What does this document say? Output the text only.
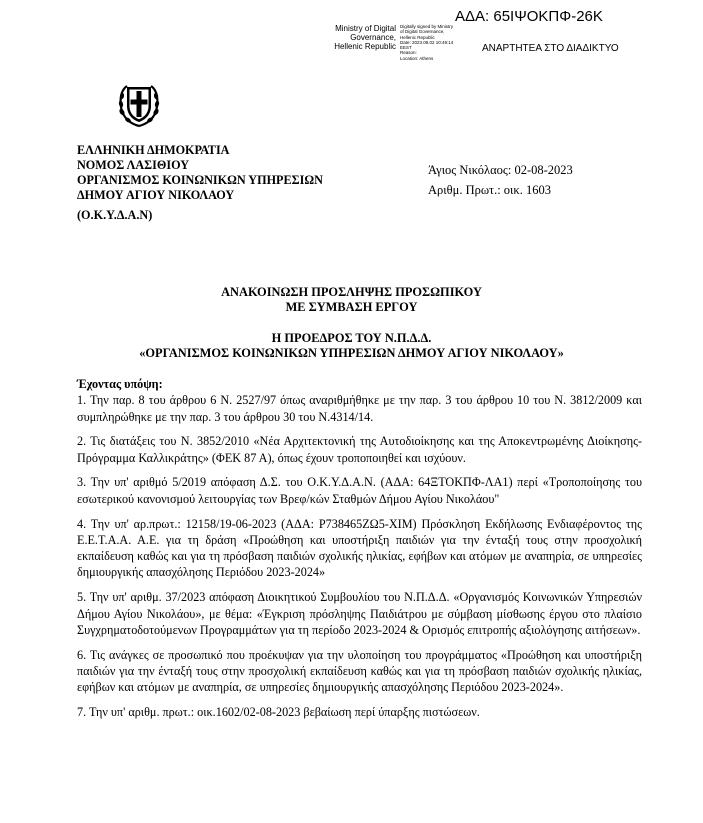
ΑΔΑ: 65ΙΨΟΚΠΦ-26Κ
Ministry of Digital
Governance,
Hellenic Republic
Digitally signed by Ministry
of Digital Governance,
Hellenic Republic
Date: 2023.08.02 10:49:14
EEST
Reason:
Location: Athens
ΑΝΑΡΤΗΤΕΑ ΣΤΟ ΔΙΑΔΙΚΤΥΟ
ΕΛΛΗΝΙΚΗ ΔΗΜΟΚΡΑΤΙΑ
ΝΟΜΟΣ ΛΑΣΙΘΙΟΥ
ΟΡΓΑΝΙΣΜΟΣ ΚΟΙΝΩΝΙΚΩΝ ΥΠΗΡΕΣΙΩΝ
ΔΗΜΟΥ ΑΓΙΟΥ ΝΙΚΟΛΑΟΥ
(Ο.Κ.Υ.Δ.Α.Ν)
Άγιος Νικόλαος: 02-08-2023
Αριθμ. Πρωτ.: οικ. 1603
ΑΝΑΚΟΙΝΩΣΗ ΠΡΟΣΛΗΨΗΣ ΠΡΟΣΩΠΙΚΟΥ
ΜΕ ΣΥΜΒΑΣΗ ΕΡΓΟΥ
Η ΠΡΟΕΔΡΟΣ ΤΟΥ Ν.Π.Δ.Δ.
«ΟΡΓΑΝΙΣΜΟΣ ΚΟΙΝΩΝΙΚΩΝ ΥΠΗΡΕΣΙΩΝ ΔΗΜΟΥ ΑΓΙΟΥ ΝΙΚΟΛΑΟΥ»
Έχοντας υπόψη:

1. Την παρ. 8 του άρθρου 6 Ν. 2527/97 όπως αναριθμήθηκε με την παρ. 3 του άρθρου 10 του Ν. 3812/2009 και συμπληρώθηκε με την παρ. 3 του άρθρου 30 του Ν.4314/14.

2. Τις διατάξεις του Ν. 3852/2010 «Νέα Αρχιτεκτονική της Αυτοδιοίκησης και της Αποκεντρωμένης Διοίκησης- Πρόγραμμα Καλλικράτης» (ΦΕΚ 87 Α), όπως έχουν τροποποιηθεί και ισχύουν.

3. Την υπ' αριθμό 5/2019 απόφαση Δ.Σ. του Ο.Κ.Υ.Δ.Α.Ν. (ΑΔΑ: 64ΞΤΟΚΠΦ-ΛΑ1) περί «Τροποποίησης του εσωτερικού κανονισμού λειτουργίας των Βρεφ/κών Σταθμών Δήμου Αγίου Νικολάου"

4. Την υπ' αρ.πρωτ.: 12158/19-06-2023 (ΑΔΑ: Ρ738465ΖΩ5-ΧΙΜ) Πρόσκληση Εκδήλωσης Ενδιαφέροντος της Ε.Ε.Τ.Α.Α. Α.Ε. για τη δράση «Προώθηση και υποστήριξη παιδιών για την ένταξή τους στην προσχολική εκπαίδευση καθώς και για τη πρόσβαση παιδιών σχολικής ηλικίας, εφήβων και ατόμων με αναπηρία, σε υπηρεσίες δημιουργικής απασχόλησης Περιόδου 2023-2024»

5. Την υπ' αριθμ. 37/2023 απόφαση Διοικητικού Συμβουλίου του Ν.Π.Δ.Δ. «Οργανισμός Κοινωνικών Υπηρεσιών Δήμου Αγίου Νικολάου», με θέμα: «Έγκριση πρόσληψης Παιδιάτρου με σύμβαση μίσθωσης έργου στο πλαίσιο Συγχρηματοδοτούμενων Προγραμμάτων για τη περίοδο 2023-2024 & Ορισμός επιτροπής αξιολόγησης αιτήσεων».

6. Τις ανάγκες σε προσωπικό που προέκυψαν για την υλοποίηση του προγράμματος «Προώθηση και υποστήριξη παιδιών για την ένταξή τους στην προσχολική εκπαίδευση καθώς και για τη πρόσβαση παιδιών σχολικής ηλικίας, εφήβων και ατόμων με αναπηρία, σε υπηρεσίες δημιουργικής απασχόλησης Περιόδου 2023-2024».

7. Την υπ' αριθμ. πρωτ.: οικ.1602/02-08-2023 βεβαίωση περί ύπαρξης πιστώσεων.
